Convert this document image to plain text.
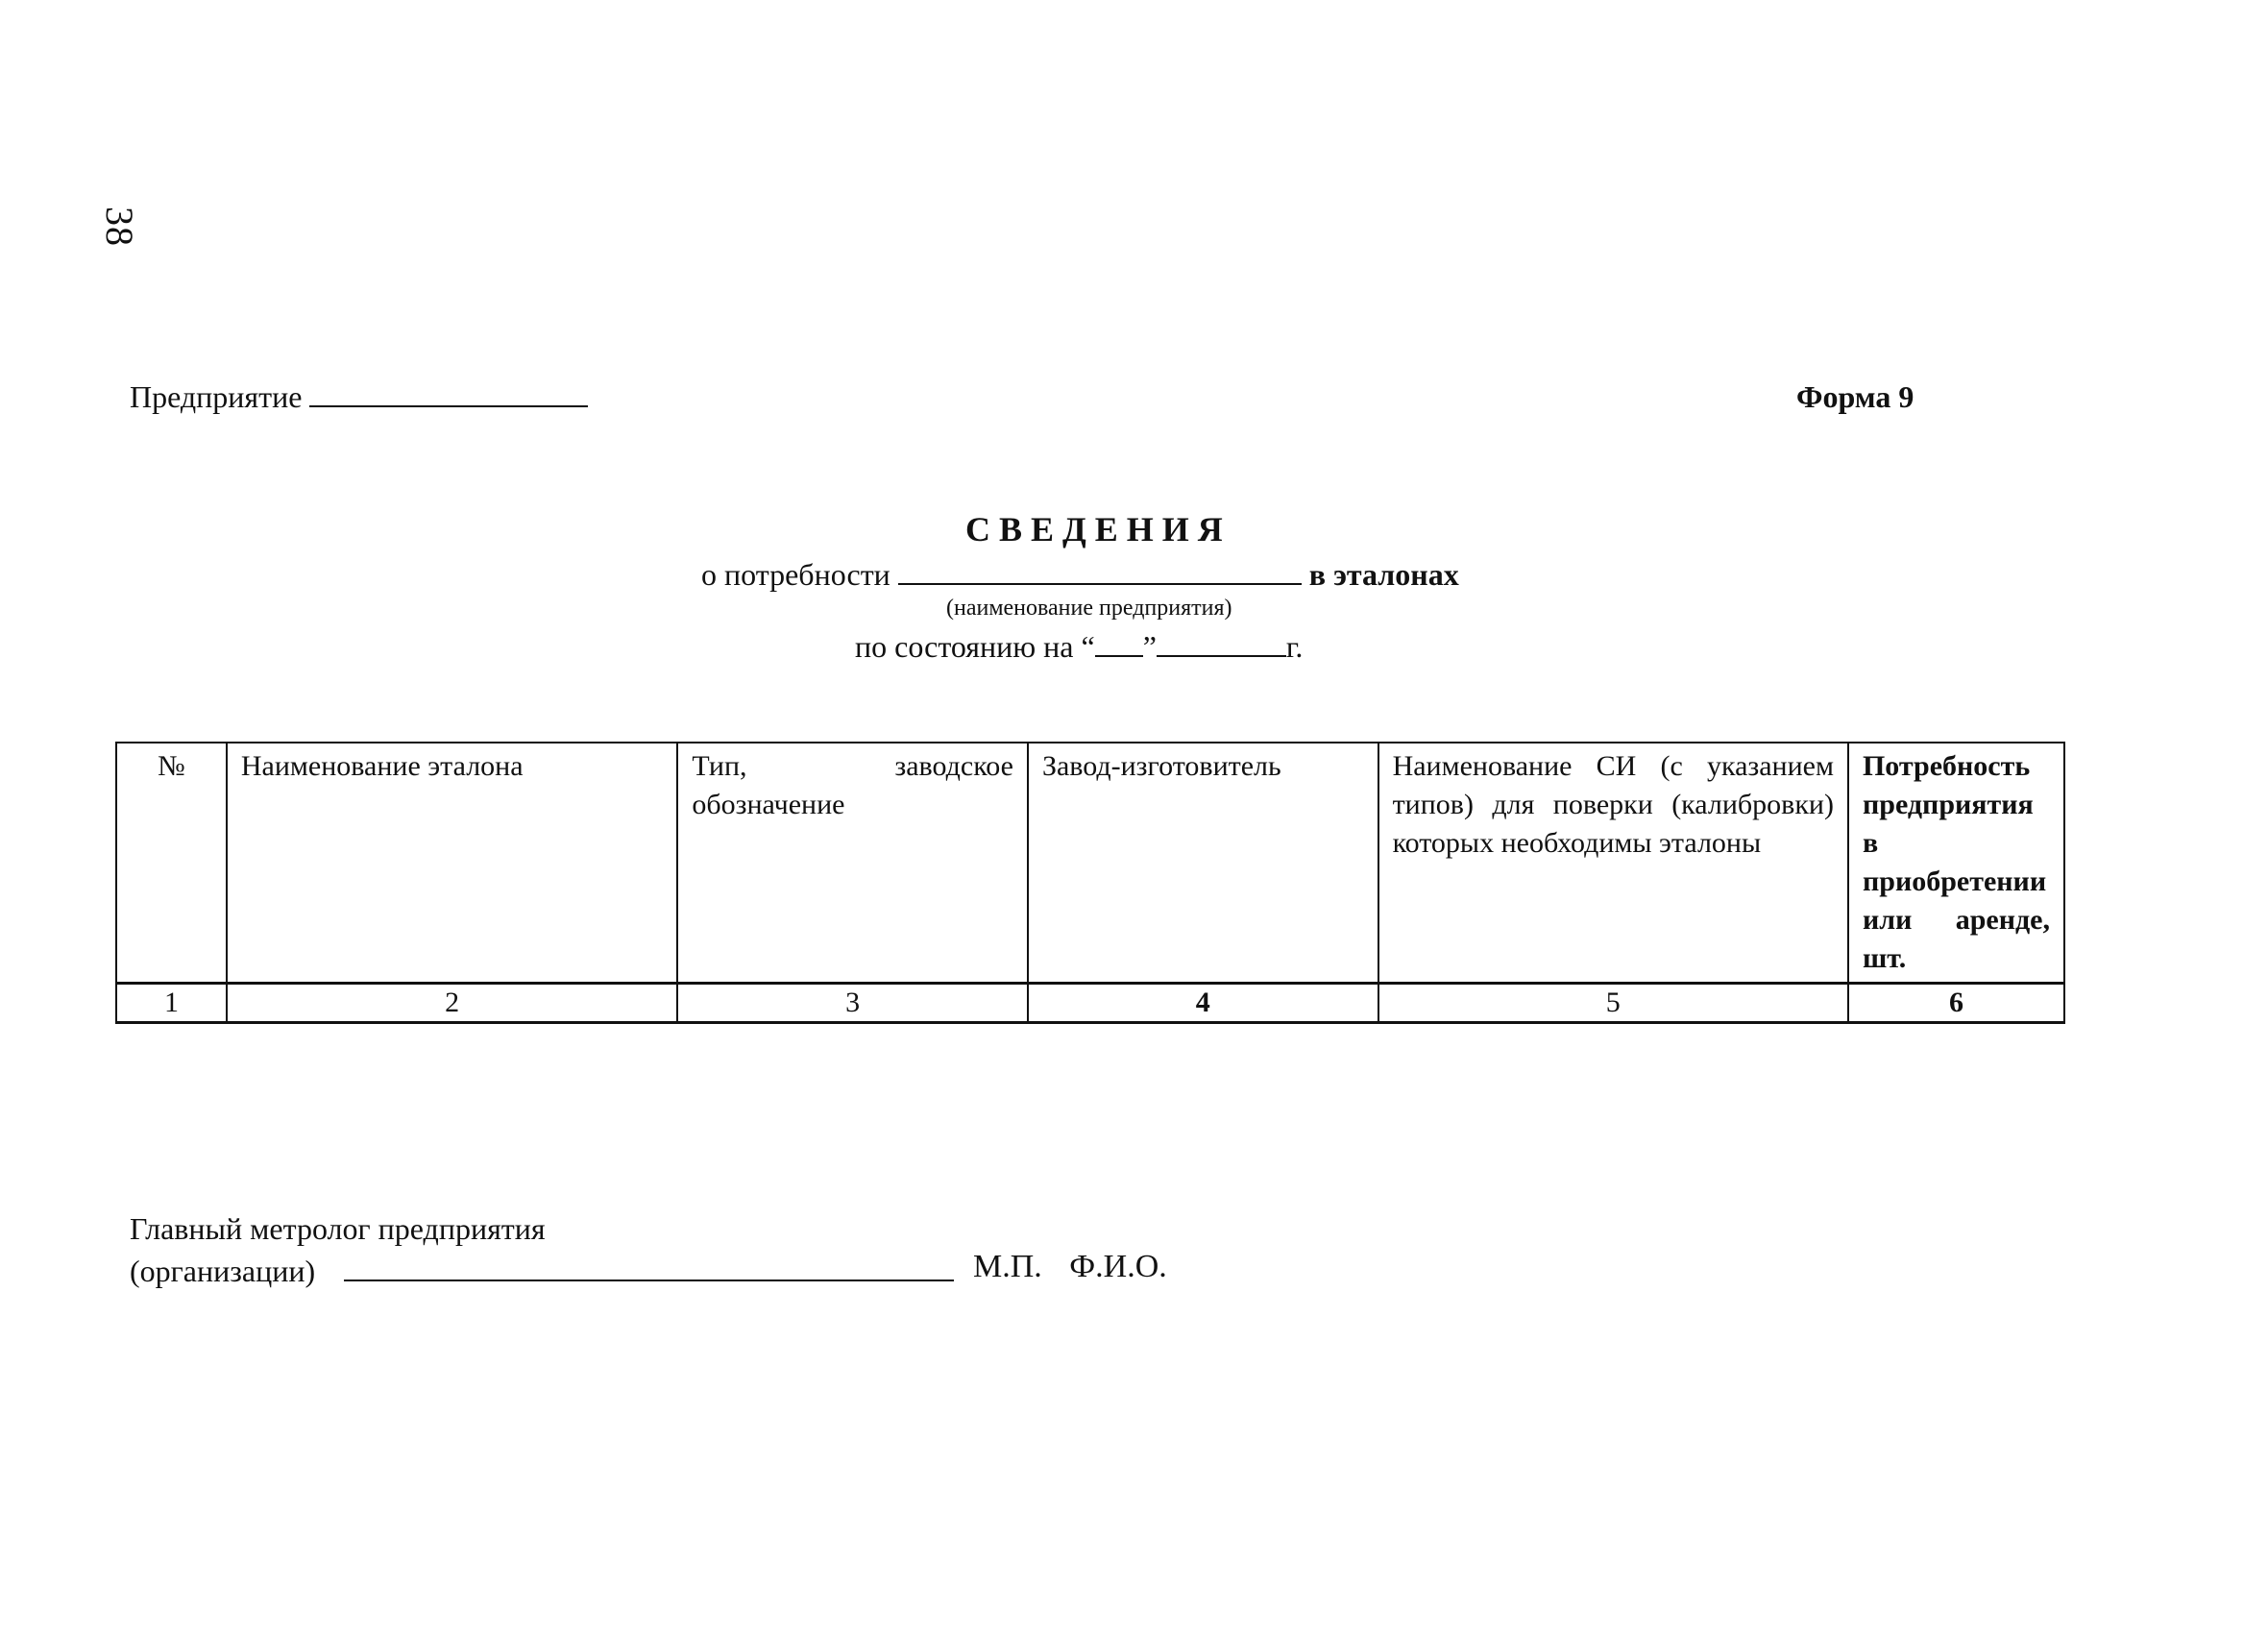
38
Предприятие	Форма 9
СВЕДЕНИЯ
о потребности	в эталонах
(наименование предприятия)
по состоянию на “ ”	г.
№	Наименование эталона	Тип, заводское обозначение	Завод-изготовитель	Наименование СИ (с указанием типов) для поверки (калибровки) которых необходимы эталоны	Потребность предприятия в приобретении или аренде, шт.
1	2	3	4	5	6
Главный метролог предприятия
(организации)	М.П. Ф.И.О.
